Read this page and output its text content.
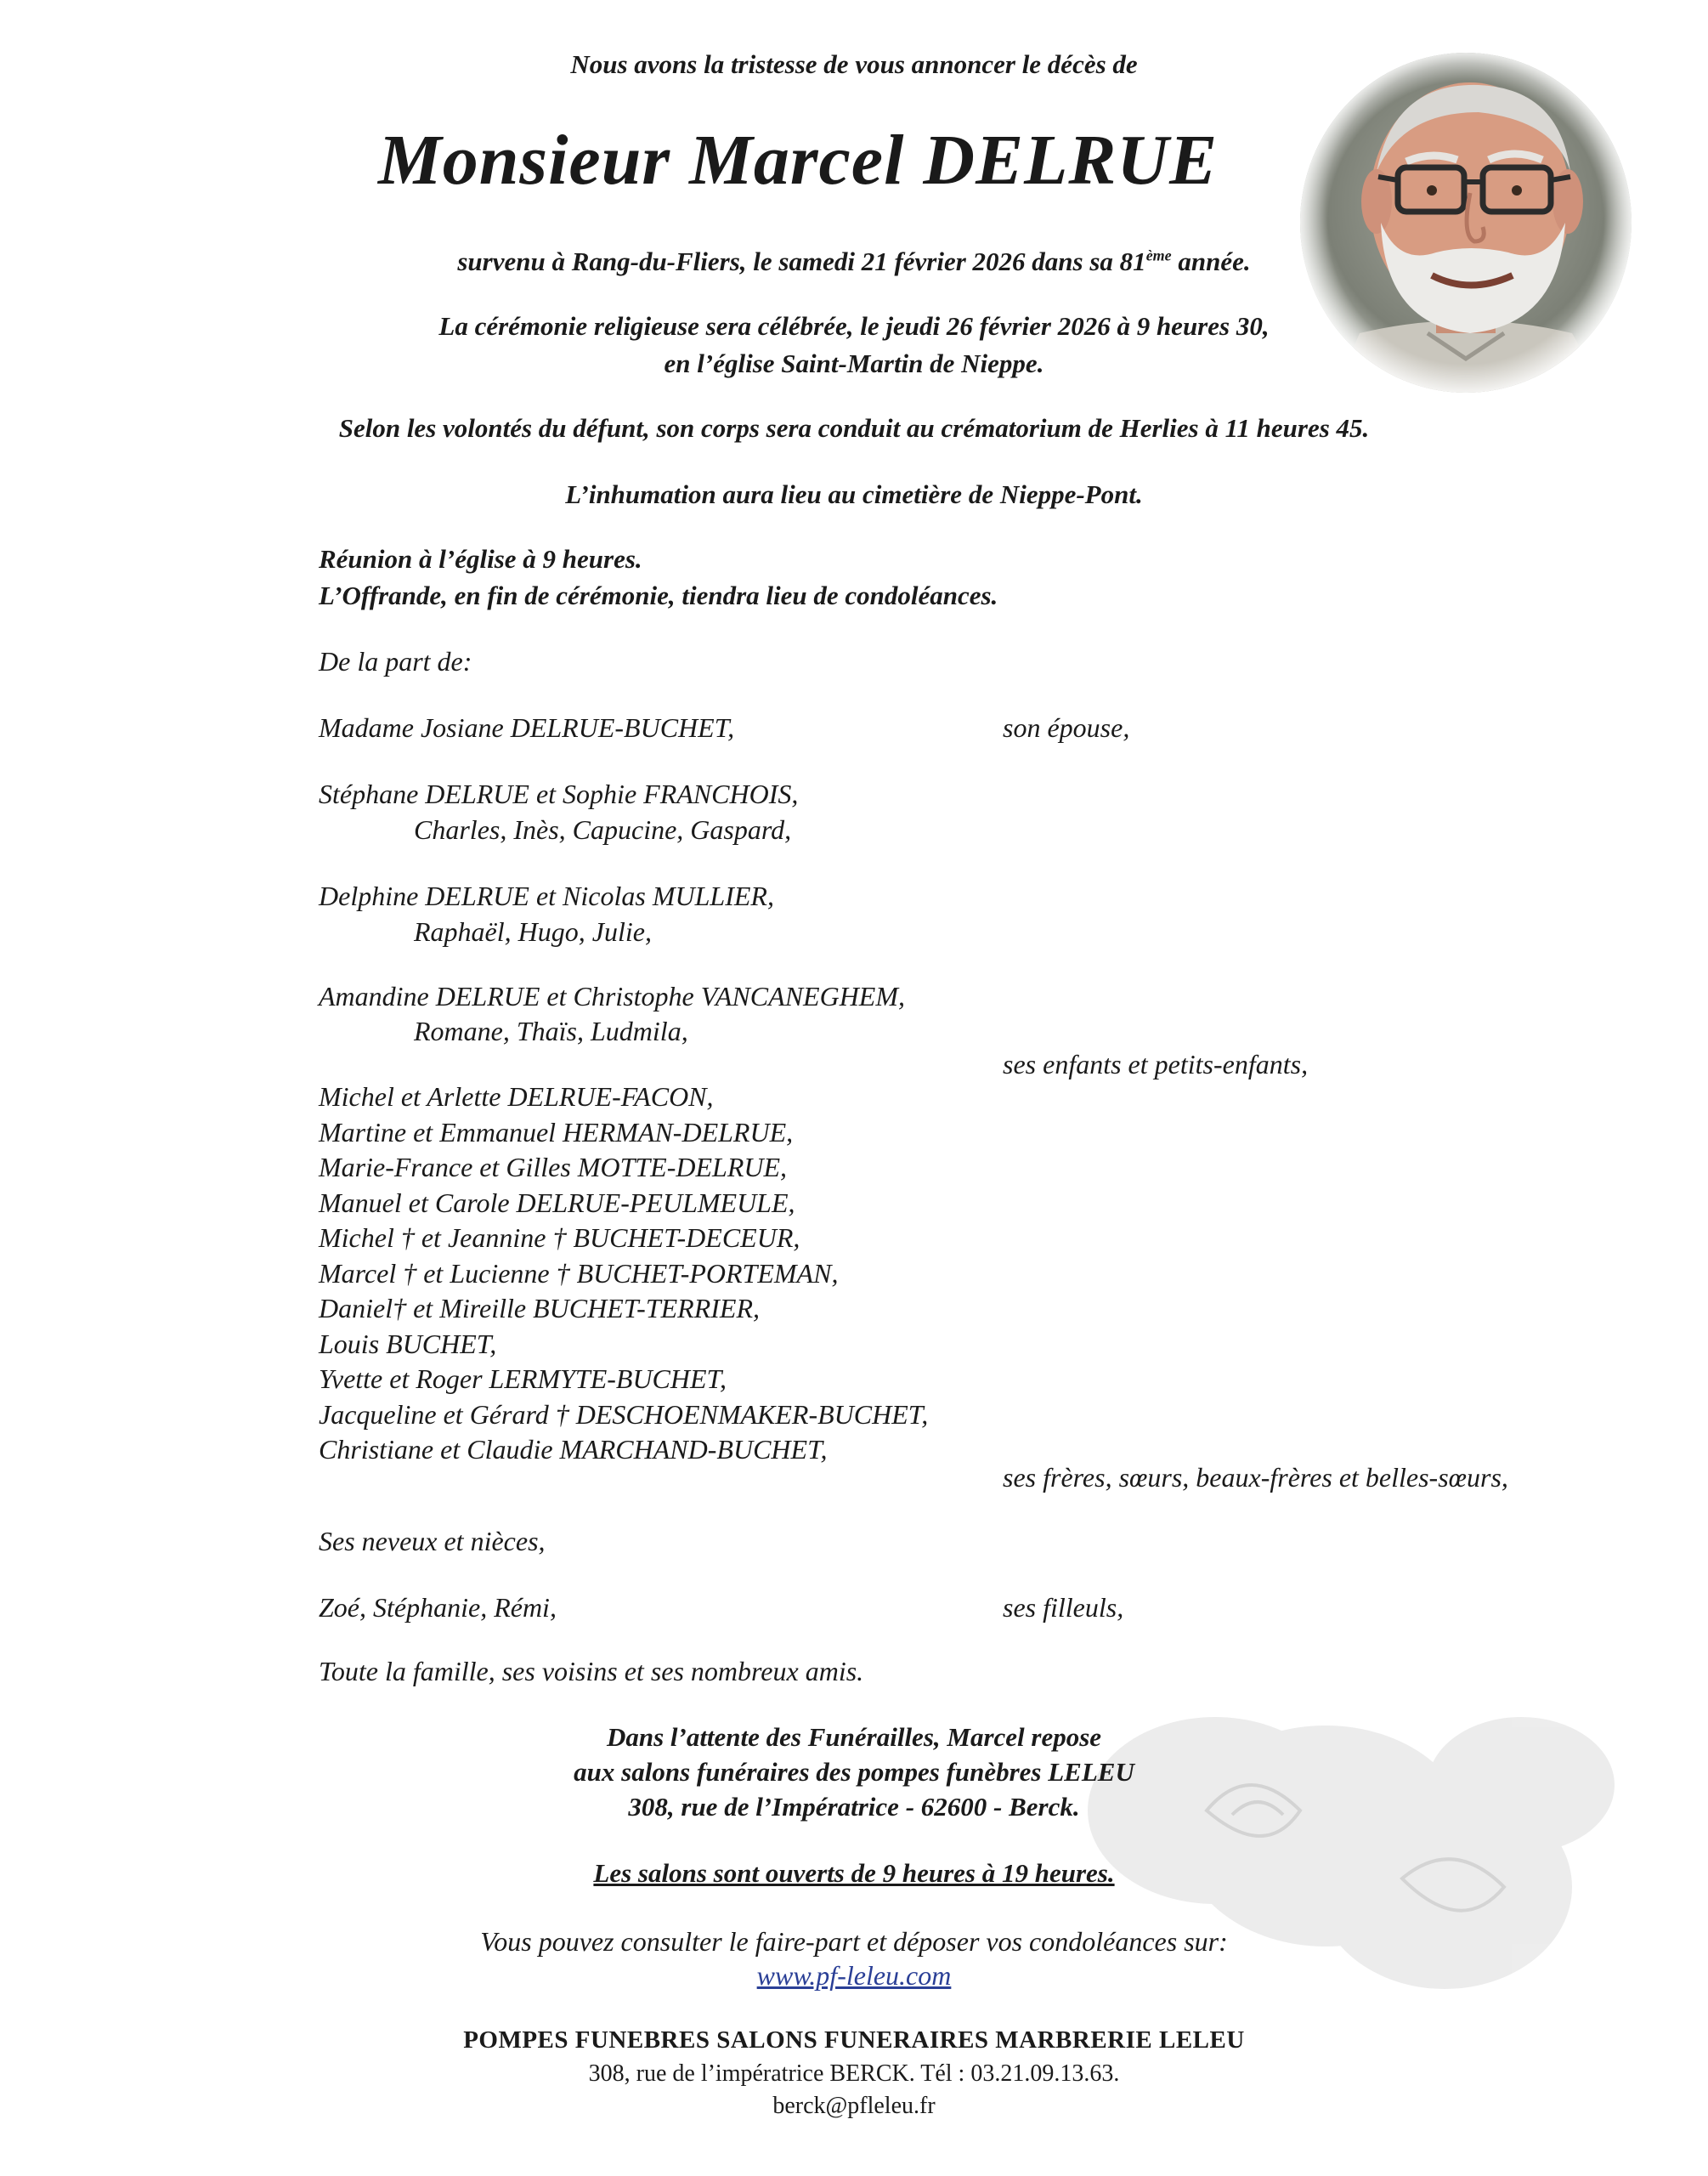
Nous avons la tristesse de vous annoncer le décès de
Monsieur Marcel DELRUE
survenu à Rang-du-Fliers, le samedi 21 février 2026 dans sa 81ème année.
La cérémonie religieuse sera célébrée, le jeudi 26 février 2026 à 9 heures 30,
en l’église Saint-Martin de Nieppe.
Selon les volontés du défunt, son corps sera conduit au crématorium de Herlies à 11 heures 45.
L’inhumation aura lieu au cimetière de Nieppe-Pont.
Réunion à l’église à 9 heures.
L’Offrande, en fin de cérémonie, tiendra lieu de condoléances.
De la part de:
Madame Josiane DELRUE-BUCHET,	son épouse,
Stéphane DELRUE et Sophie FRANCHOIS,
Charles, Inès, Capucine, Gaspard,
Delphine DELRUE et Nicolas MULLIER,
Raphaël, Hugo, Julie,
Amandine DELRUE et Christophe VANCANEGHEM,
Romane, Thaïs, Ludmila,
ses enfants et petits-enfants,
Michel et Arlette DELRUE-FACON,
Martine et Emmanuel HERMAN-DELRUE,
Marie-France et Gilles MOTTE-DELRUE,
Manuel et Carole DELRUE-PEULMEULE,
Michel † et Jeannine † BUCHET-DECEUR,
Marcel † et Lucienne † BUCHET-PORTEMAN,
Daniel† et Mireille BUCHET-TERRIER,
Louis BUCHET,
Yvette et Roger LERMYTE-BUCHET,
Jacqueline et Gérard † DESCHOENMAKER-BUCHET,
Christiane et Claudie MARCHAND-BUCHET,
ses frères, sœurs, beaux-frères et belles-sœurs,
Ses neveux et nièces,
Zoé, Stéphanie, Rémi,	ses filleuls,
Toute la famille, ses voisins et ses nombreux amis.
Dans l’attente des Funérailles, Marcel repose
aux salons funéraires des pompes funèbres LELEU
308, rue de l’Impératrice - 62600 - Berck.
Les salons sont ouverts de 9 heures à 19 heures.
Vous pouvez consulter le faire-part et déposer vos condoléances sur:
www.pf-leleu.com
POMPES FUNEBRES SALONS FUNERAIRES MARBRERIE LELEU
308, rue de l’impératrice BERCK. Tél : 03.21.09.13.63.
berck@pfleleu.fr
